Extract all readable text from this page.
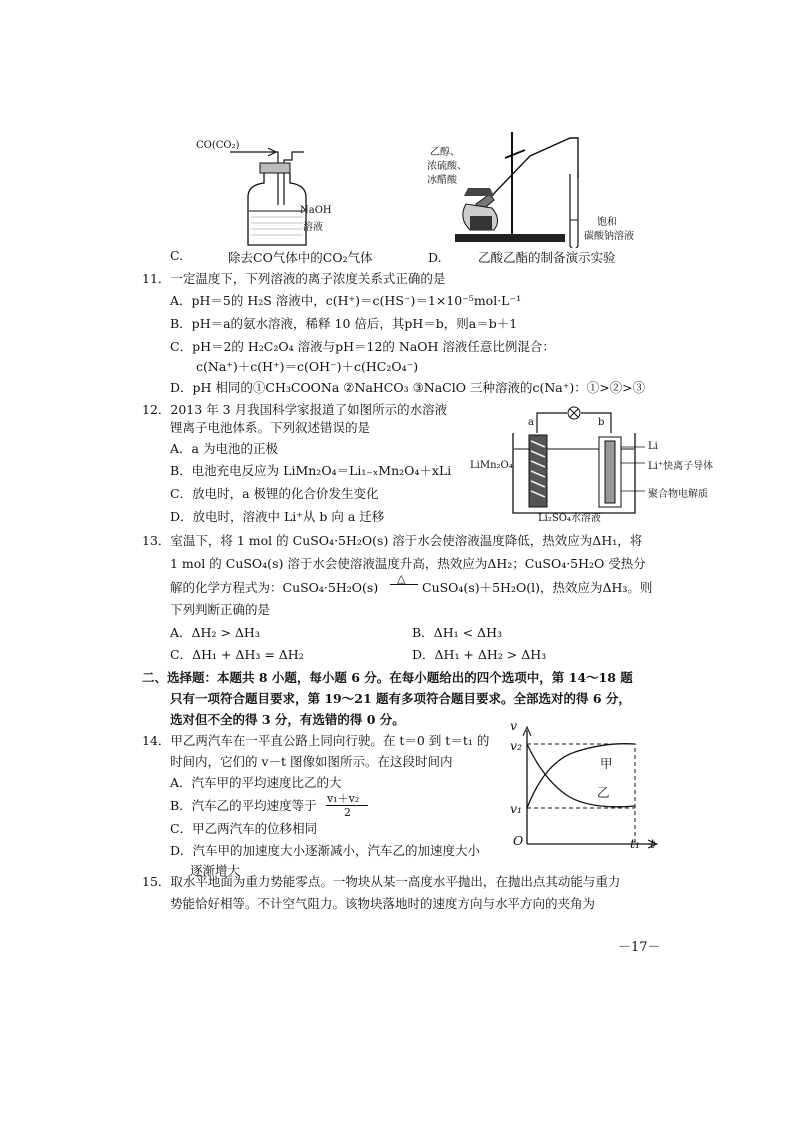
CO(CO₂)
NaOH
溶液
C.	除去CO气体中的CO₂气体
乙醇、
浓硫酸、
冰醋酸
饱和
碳酸钠溶液
D.	乙酸乙酯的制备演示实验
11．一定温度下，下列溶液的离子浓度关系式正确的是
A．pH＝5的 H₂S 溶液中，c(H⁺)＝c(HS⁻)＝1×10⁻⁵mol·L⁻¹
B．pH＝a的氨水溶液，稀释 10 倍后，其pH＝b，则a＝b＋1
C．pH＝2的 H₂C₂O₄ 溶液与pH＝12的 NaOH 溶液任意比例混合：
c(Na⁺)＋c(H⁺)＝c(OH⁻)＋c(HC₂O₄⁻)
D．pH 相同的①CH₃COONa ②NaHCO₃ ③NaClO 三种溶液的c(Na⁺)：①>②>③
12．2013 年 3 月我国科学家报道了如图所示的水溶液
锂离子电池体系。下列叙述错误的是
A．a 为电池的正极
B．电池充电反应为 LiMn₂O₄＝Li₁₋ₓMn₂O₄＋xLi
C．放电时，a 极锂的化合价发生变化
D．放电时，溶液中 Li⁺从 b 向 a 迁移
a	b
Li
Li⁺快离子导体
聚合物电解质
LiMn₂O₄
Li₂SO₄水溶液
13．室温下，将 1 mol 的 CuSO₄·5H₂O(s) 溶于水会使溶液温度降低，热效应为ΔH₁，将
1 mol 的 CuSO₄(s) 溶于水会使溶液温度升高，热效应为ΔH₂；CuSO₄·5H₂O 受热分
解的化学方程式为：CuSO₄·5H₂O(s)
△
CuSO₄(s)＋5H₂O(l)，热效应为ΔH₃。则
下列判断正确的是
A．ΔH₂ > ΔH₃	B．ΔH₁ < ΔH₃
C．ΔH₁ + ΔH₃ = ΔH₂	D．ΔH₁ + ΔH₂ > ΔH₃
二、选择题：本题共 8 小题，每小题 6 分。在每小题给出的四个选项中，第 14～18 题
只有一项符合题目要求，第 19～21 题有多项符合题目要求。全部选对的得 6 分，
选对但不全的得 3 分，有选错的得 0 分。
14．甲乙两汽车在一平直公路上同向行驶。在 t＝0 到 t＝t₁ 的
时间内，它们的 v－t 图像如图所示。在这段时间内
A．汽车甲的平均速度比乙的大
B．汽车乙的平均速度等于 v₁＋v₂
2
C．甲乙两汽车的位移相同
D．汽车甲的加速度大小逐渐减小，汽车乙的加速度大小
逐渐增大
v
v₂
v₁
O	t₁ t
甲
乙
15．取水平地面为重力势能零点。一物块从某一高度水平抛出，在抛出点其动能与重力
势能恰好相等。不计空气阻力。该物块落地时的速度方向与水平方向的夹角为
－17－
